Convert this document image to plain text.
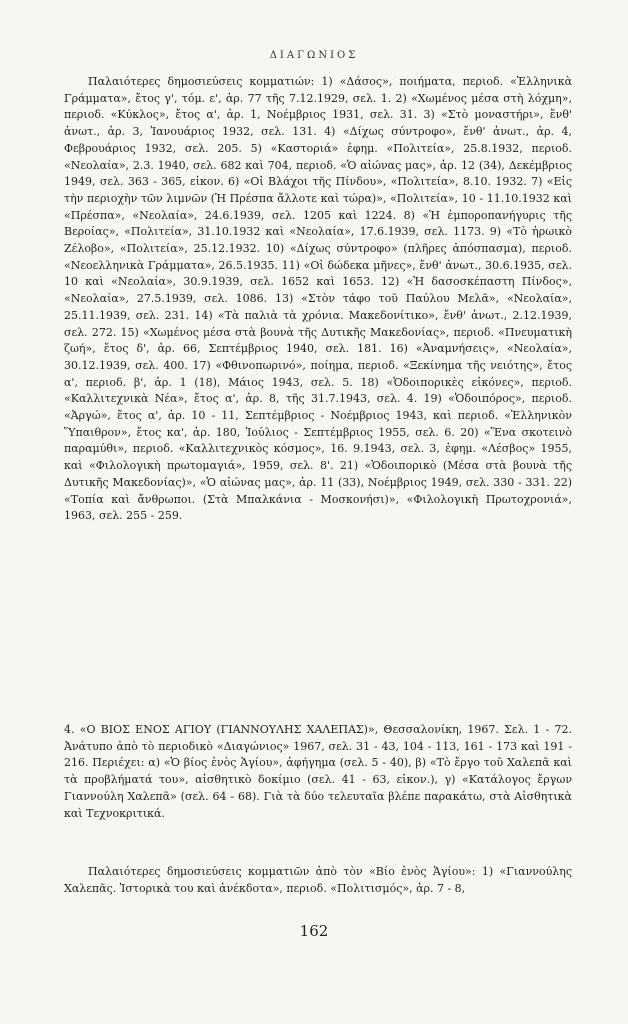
ΔΙΑΓΩΝΙΟΣ

Παλαιότερες δημοσιεύσεις κομματιών: 1) «Δάσος», ποιήματα, περιοδ. «Ἑλληνικὰ Γράμματα», ἔτος γ', τόμ. ε', ἀρ. 77 τῆς 7.12.1929, σελ. 1. 2) «Χωμένος μέσα στὴ λόχμη», περιοδ. «Κύκλος», ἔτος α', ἀρ. 1, Νοέμβριος 1931, σελ. 31. 3) «Στὸ μοναστήρι», ἔνθ' ἀνωτ., ἀρ. 3, Ἰανουάριος 1932, σελ. 131. 4) «Δίχως σύντροφο», ἔνθ' ἀνωτ., ἀρ. 4, Φεβρουάριος 1932, σελ. 205. 5) «Καστοριά» ἐφημ. «Πολιτεία», 25.8.1932, περιοδ. «Νεολαία», 2.3. 1940, σελ. 682 καὶ 704, περιοδ. «Ὁ αἰώνας μας», ἀρ. 12 (34), Δεκέμβριος 1949, σελ. 363 - 365, εἰκον. 6) «Οἱ Βλάχοι τῆς Πίνδου», «Πολιτεία», 8.10. 1932. 7) «Εἰς τὴν περιοχὴν τῶν λιμνῶν (Ἡ Πρέσπα ἄλλοτε καὶ τώρα)», «Πολιτεία», 10 - 11.10.1932 καὶ «Πρέσπα», «Νεολαία», 24.6.1939, σελ. 1205 καὶ 1224. 8) «Ἡ ἐμποροπανήγυρις τῆς Βεροίας», «Πολιτεία», 31.10.1932 καὶ «Νεολαία», 17.6.1939, σελ. 1173. 9) «Τὸ ἡρωικὸ Ζέλοβο», «Πολιτεία», 25.12.1932. 10) «Δίχως σύντροφο» (πλῆρες ἀπόσπασμα), περιοδ. «Νεοελληνικὰ Γράμματα», 26.5.1935. 11) «Οἱ δώδεκα μῆνες», ἔνθ' ἀνωτ., 30.6.1935, σελ. 10 καὶ «Νεολαία», 30.9.1939, σελ. 1652 καὶ 1653. 12) «Ἡ δασοσκέπαστη Πίνδος», «Νεολαία», 27.5.1939, σελ. 1086. 13) «Στὸν τάφο τοῦ Παύλου Μελᾶ», «Νεολαία», 25.11.1939, σελ. 231. 14) «Τὰ παλιὰ τὰ χρόνια. Μακεδονίτικο», ἔνθ' ἀνωτ., 2.12.1939, σελ. 272. 15) «Χωμένος μέσα στὰ βουνὰ τῆς Δυτικῆς Μακεδονίας», περιοδ. «Πνευματικὴ ζωή», ἔτος δ', ἀρ. 66, Σεπτέμβριος 1940, σελ. 181. 16) «Ἀναμνήσεις», «Νεολαία», 30.12.1939, σελ. 400. 17) «Φθινοπωρινό», ποίημα, περιοδ. «Ξεκίνημα τῆς νειότης», ἔτος α', περιοδ. β', ἀρ. 1 (18), Μάιος 1943, σελ. 5. 18) «Ὁδοιπορικὲς εἰκόνες», περιοδ. «Καλλιτεχνικὰ Νέα», ἔτος α', ἀρ. 8, τῆς 31.7.1943, σελ. 4. 19) «Ὁδοιπόρος», περιοδ. «Ἀργώ», ἔτος α', ἀρ. 10 - 11, Σεπτέμβριος - Νοέμβριος 1943, καὶ περιοδ. «Ἑλληνικὸν Ὕπαιθρον», ἔτος κα', ἀρ. 180, Ἰούλιος - Σεπτέμβριος 1955, σελ. 6. 20) «Ἕνα σκοτεινὸ παραμύθι», περιοδ. «Καλλιτεχνικὸς κόσμος», 16. 9.1943, σελ. 3, ἐφημ. «Λέσβος» 1955, καὶ «Φιλολογικὴ πρωτομαγιά», 1959, σελ. 8'. 21) «Ὁδοιπορικὸ (Μέσα στὰ βουνὰ τῆς Δυτικῆς Μακεδονίας)», «Ὁ αἰώνας μας», ἀρ. 11 (33), Νοέμβριος 1949, σελ. 330 - 331. 22) «Τοπία καὶ ἄνθρωποι. (Στὰ Μπαλκάνια - Μοσκονήσι)», «Φιλολογικὴ Πρωτοχρονιά», 1963, σελ. 255 - 259.

4. «Ο ΒΙΟΣ ΕΝΟΣ ΑΓΙΟΥ (ΓΙΑΝΝΟΥΛΗΣ ΧΑΛΕΠΑΣ)», Θεσσαλονίκη, 1967. Σελ. 1 - 72. Ἀνάτυπο ἀπὸ τὸ περιοδικὸ «Διαγώνιος» 1967, σελ. 31 - 43, 104 - 113, 161 - 173 καὶ 191 - 216. Περιέχει: α) «Ὁ βίος ἑνὸς Ἁγίου», ἀφήγημα (σελ. 5 - 40), β) «Τὸ ἔργο τοῦ Χαλεπᾶ καὶ τὰ προβλήματά του», αἰσθητικὸ δοκίμιο (σελ. 41 - 63, εἰκον.), γ) «Κατάλογος ἔργων Γιαννούλη Χαλεπᾶ» (σελ. 64 - 68). Γιὰ τὰ δύο τελευταῖα βλέπε παρακάτω, στὰ Αἰσθητικὰ καὶ Τεχνοκριτικά.

Παλαιότερες δημοσιεύσεις κομματιῶν ἀπὸ τὸν «Βίο ἑνὸς Ἁγίου»: 1) «Γιαννούλης Χαλεπᾶς. Ἱστορικὰ του καὶ ἀνέκδοτα», περιοδ. «Πολιτισμός», ἀρ. 7 - 8,

162
